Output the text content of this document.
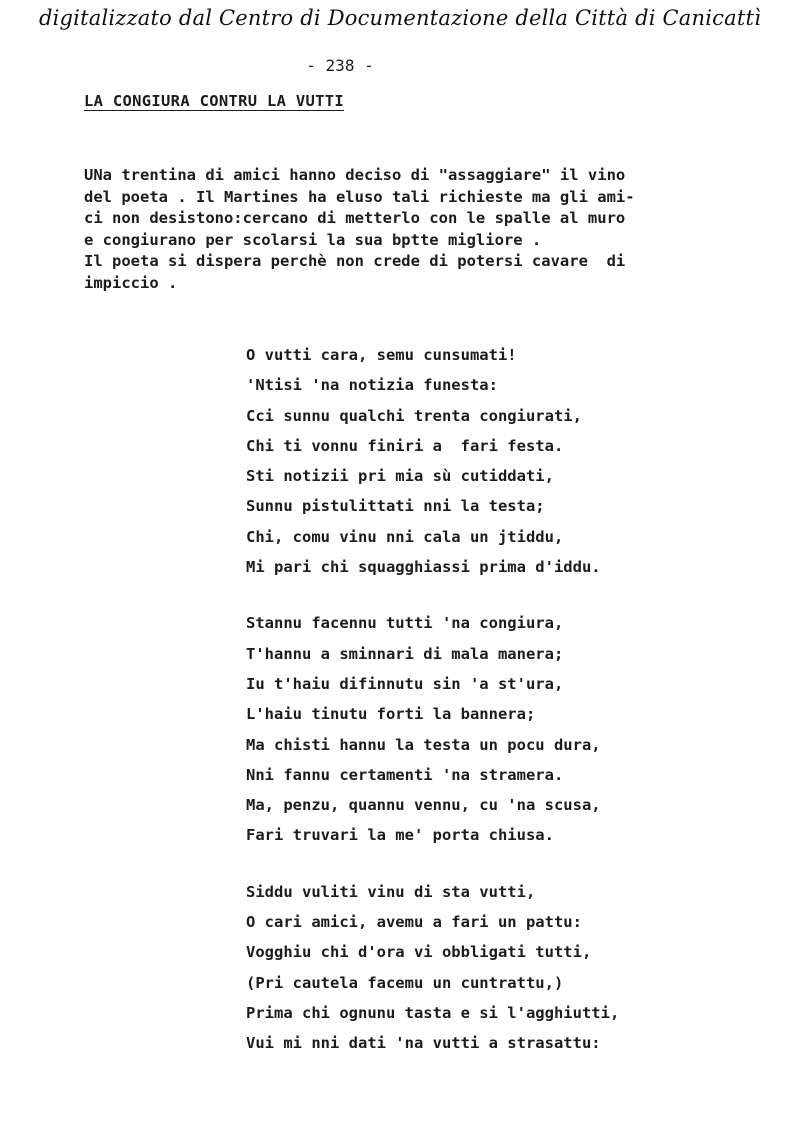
digitalizzato dal Centro di Documentazione della Città di Canicattì
- 238 -
LA CONGIURA CONTRU LA VUTTI

UNa trentina di amici hanno deciso di "assaggiare" il vino

del poeta . Il Martines ha eluso tali richieste ma gli ami-

ci non desistono:cercano di metterlo con le spalle al muro

e congiurano per scolarsi la sua bptte migliore .

Il poeta si dispera perchè non crede di potersi cavare  di

impiccio .

O vutti cara, semu cunsumati!
'Ntisi 'na notizia funesta:
Cci sunnu qualchi trenta congiurati,
Chi ti vonnu finiri a  fari festa.
Sti notizii pri mia sù cutiddati,
Sunnu pistulittati nni la testa;
Chi, comu vinu nni cala un jtiddu,
Mi pari chi squagghiassi prima d'iddu.
Stannu facennu tutti 'na congiura,
T'hannu a sminnari di mala manera;
Iu t'haiu difinnutu sin 'a st'ura,
L'haiu tinutu forti la bannera;
Ma chisti hannu la testa un pocu dura,
Nni fannu certamenti 'na stramera.
Ma, penzu, quannu vennu, cu 'na scusa,
Fari truvari la me' porta chiusa.
Siddu vuliti vinu di sta vutti,
O cari amici, avemu a fari un pattu:
Vogghiu chi d'ora vi obbligati tutti,
(Pri cautela facemu un cuntrattu,)
Prima chi ognunu tasta e si l'agghiutti,
Vui mi nni dati 'na vutti a strasattu:
